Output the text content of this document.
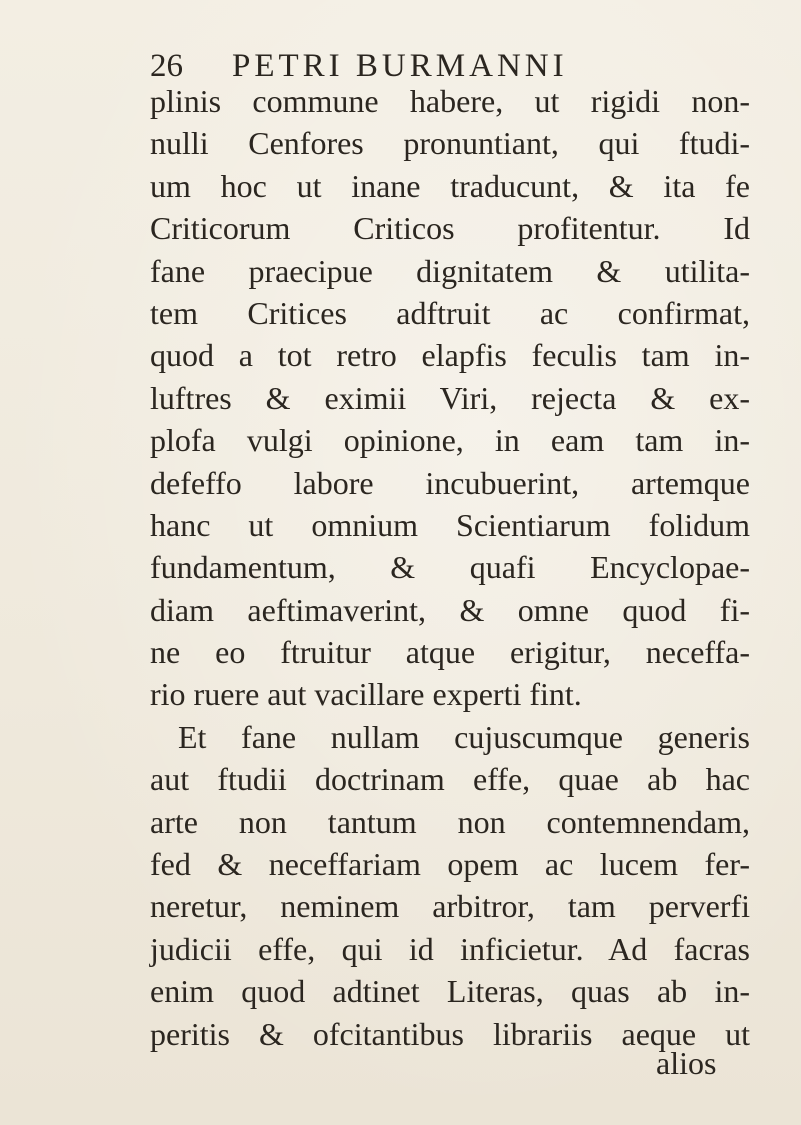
26 PETRI BURMANNI
plinis commune habere, ut rigidi non-
nulli Cenfores pronuntiant, qui ftudi-
um hoc ut inane traducunt, & ita fe
Criticorum Criticos profitentur. Id
fane praecipue dignitatem & utilita-
tem Critices adftruit ac confirmat,
quod a tot retro elapfis feculis tam in-
luftres & eximii Viri, rejecta & ex-
plofa vulgi opinione, in eam tam in-
defeffo labore incubuerint, artemque
hanc ut omnium Scientiarum folidum
fundamentum, & quafi Encyclopae-
diam aeftimaverint, & omne quod fi-
ne eo ftruitur atque erigitur, neceffa-
rio ruere aut vacillare experti fint.
Et fane nullam cujuscumque generis
aut ftudii doctrinam effe, quae ab hac
arte non tantum non contemnendam,
fed & neceffariam opem ac lucem fer-
neretur, neminem arbitror, tam perverfi
judicii effe, qui id inficietur. Ad facras
enim quod adtinet Literas, quas ab in-
peritis & ofcitantibus librariis aeque ut
alios
